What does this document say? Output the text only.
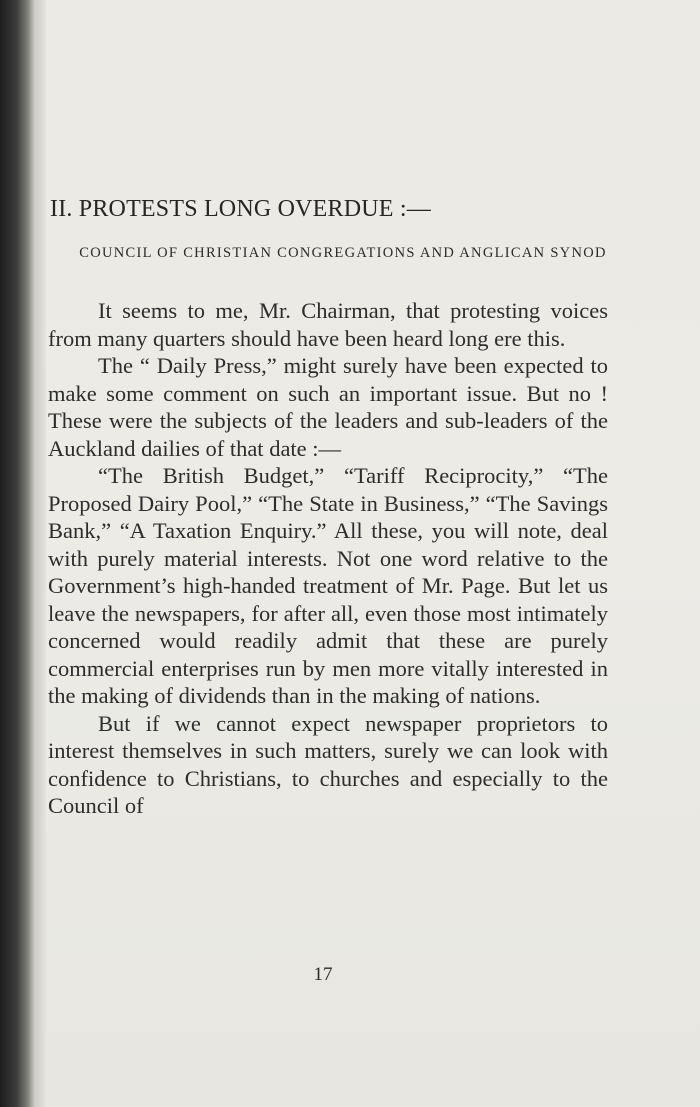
II. PROTESTS LONG OVERDUE :—
COUNCIL OF CHRISTIAN CONGREGATIONS AND ANGLICAN SYNOD

It seems to me, Mr. Chairman, that protesting voices from many quarters should have been heard long ere this.

The “ Daily Press,” might surely have been expected to make some comment on such an important issue. But no ! These were the subjects of the leaders and sub-leaders of the Auckland dailies of that date :—

“The British Budget,” “Tariff Reciprocity,” “The Proposed Dairy Pool,” “The State in Business,” “The Savings Bank,” “A Taxation Enquiry.” All these, you will note, deal with purely material interests. Not one word relative to the Government’s high-handed treatment of Mr. Page. But let us leave the newspapers, for after all, even those most intimately concerned would readily admit that these are purely commercial enterprises run by men more vitally interested in the making of dividends than in the making of nations.

But if we cannot expect newspaper proprietors to interest themselves in such matters, surely we can look with confidence to Christians, to churches and especially to the Council of

17
